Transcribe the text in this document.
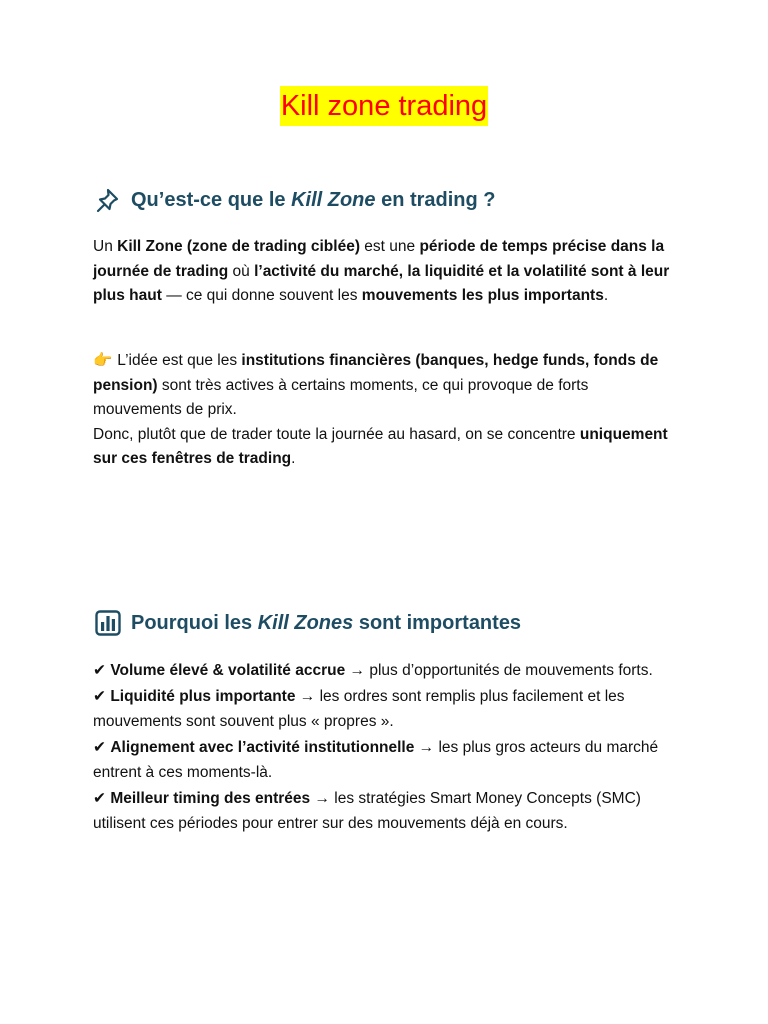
Kill zone trading
Qu’est-ce que le Kill Zone en trading ?

Un Kill Zone (zone de trading ciblée) est une période de temps précise dans la journée de trading où l’activité du marché, la liquidité et la volatilité sont à leur plus haut — ce qui donne souvent les mouvements les plus importants.

👉 L’idée est que les institutions financières (banques, hedge funds, fonds de pension) sont très actives à certains moments, ce qui provoque de forts mouvements de prix.

Donc, plutôt que de trader toute la journée au hasard, on se concentre uniquement sur ces fenêtres de trading.

Pourquoi les Kill Zones sont importantes

✔ Volume élevé & volatilité accrue → plus d’opportunités de mouvements forts.

✔ Liquidité plus importante → les ordres sont remplis plus facilement et les mouvements sont souvent plus « propres ».

✔ Alignement avec l’activité institutionnelle → les plus gros acteurs du marché entrent à ces moments-là.

✔ Meilleur timing des entrées → les stratégies Smart Money Concepts (SMC) utilisent ces périodes pour entrer sur des mouvements déjà en cours.
